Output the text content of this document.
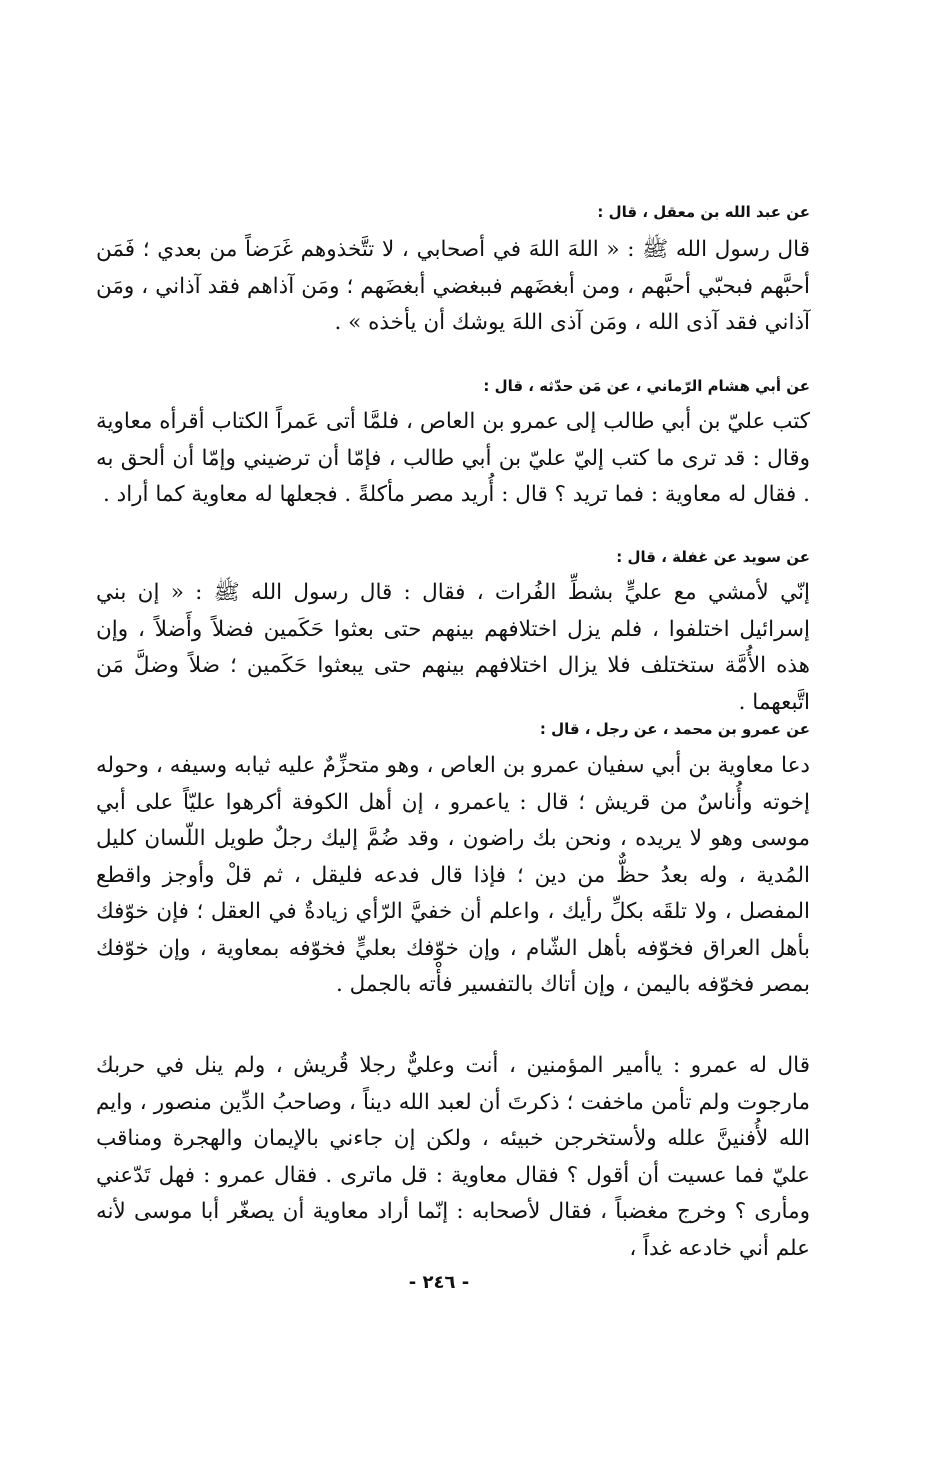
عن عبد الله بن معقل ، قال :

قال رسول الله ﷺ : « اللهَ اللهَ في أصحابي ، لا تتَّخذوهم غَرَضاً من بعدي ؛ فَمَن أحبَّهم فبحبّي أحبَّهم ، ومن أبغضَهم فببغضي أبغضَهم ؛ ومَن آذاهم فقد آذاني ، ومَن آذاني فقد آذى الله ، ومَن آذى اللهَ يوشك أن يأخذه » .

عن أبي هشام الرّماني ، عن مَن حدّثه ، قال :

كتب عليّ بن أبي طالب إلى عمرو بن العاص ، فلمَّا أتى عَمراً الكتاب أقرأه معاوية وقال : قد ترى ما كتب إليّ عليّ بن أبي طالب ، فإمّا أن ترضيني وإمّا أن ألحق به . فقال له معاوية : فما تريد ؟ قال : أُريد مصر مأكلةً . فجعلها له معاوية كما أراد .

عن سويد عن غفلة ، قال :

إنّي لأمشي مع عليٍّ بشطِّ الفُرات ، فقال : قال رسول الله ﷺ : « إن بني إسرائيل اختلفوا ، فلم يزل اختلافهم بينهم حتى بعثوا حَكَمين فضلاً وأَضلاً ، وإن هذه الأُمَّة ستختلف فلا يزال اختلافهم بينهم حتى يبعثوا حَكَمين ؛ ضلاً وضلَّ مَن اتَّبعهما .

عن عمرو بن محمد ، عن رجل ، قال :

دعا معاوية بن أبي سفيان عمرو بن العاص ، وهو متحزِّمٌ عليه ثيابه وسيفه ، وحوله إخوته وأُناسٌ من قريش ؛ قال : ياعمرو ، إن أهل الكوفة أكرهوا عليّاً على أبي موسى وهو لا يريده ، ونحن بك راضون ، وقد ضُمَّ إليك رجلٌ طويل اللّسان كليل المُدية ، وله بعدُ حظٌّ من دين ؛ فإذا قال فدعه فليقل ، ثم قلْ وأوجز واقطع المفصل ، ولا تلقَه بكلِّ رأيك ، واعلم أن خفيَّ الرّأي زيادةٌ في العقل ؛ فإن خوّفك بأهل العراق فخوّفه بأهل الشّام ، وإن خوّفك بعليٍّ فخوّفه بمعاوية ، وإن خوّفك بمصر فخوّفه باليمن ، وإن أتاك بالتفسير فأْته بالجمل .

قال له عمرو : ياأمير المؤمنين ، أنت وعليٌّ رجلا قُريش ، ولم ينل في حربك مارجوت ولم تأمن ماخفت ؛ ذكرتَ أن لعبد الله ديناً ، وصاحبُ الدِّين منصور ، وايم الله لأُفنينَّ علله ولأستخرجن خبيئه ، ولكن إن جاءني بالإيمان والهجرة ومناقب عليّ فما عسيت أن أقول ؟ فقال معاوية : قل ماترى . فقال عمرو : فهل تَدّعني ومأرى ؟ وخرج مغضباً ، فقال لأصحابه : إنّما أراد معاوية أن يصغّر أبا موسى لأنه علم أني خادعه غداً ،

- ٢٤٦ -
